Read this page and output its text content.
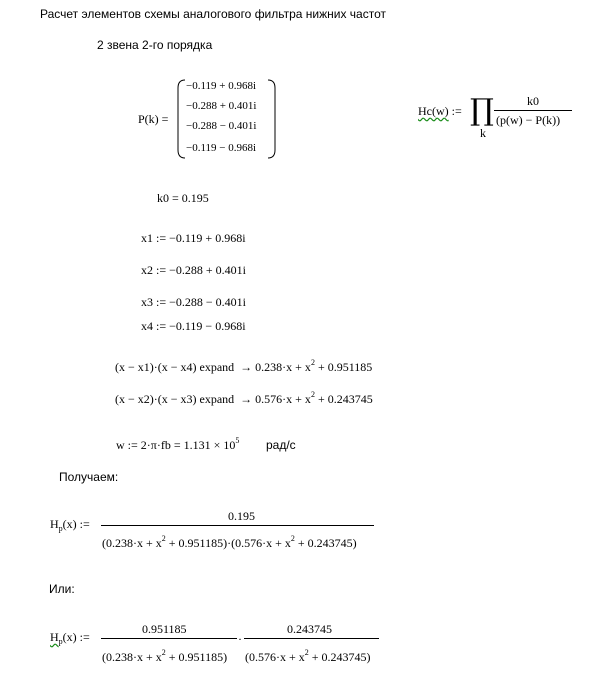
Расчет элементов схемы аналогового фильтра нижних частот
2 звена 2-го порядка
P(k) =
−0.119 + 0.968i
−0.288 + 0.401i
−0.288 − 0.401i
−0.119 − 0.968i
Hc(w) := ∏
k
k0
(p(w) − P(k))
k0 = 0.195
x1 := −0.119 + 0.968i
x2 := −0.288 + 0.401i
x3 := −0.288 − 0.401i
x4 := −0.119 − 0.968i
(x − x1)·(x − x4) expand → $0.238\cdot x + x^2 + 0.951185$
(x − x2)·(x − x3) expand → $0.576\cdot x + x^2 + 0.243745$
w := $2\cdot\pi\cdot fb = 1.131 \times 10^5$ рад/с
Получаем:
$H_p(x)$ :=
0.195
$(0.238\cdot x + x^2 + 0.951185)\cdot(0.576\cdot x + x^2 + 0.243745)$
Или:
$H_p(x)$ :=
0.951185
$(0.238\cdot x + x^2 + 0.951185)$
·
0.243745
$(0.576\cdot x + x^2 + 0.243745)$
